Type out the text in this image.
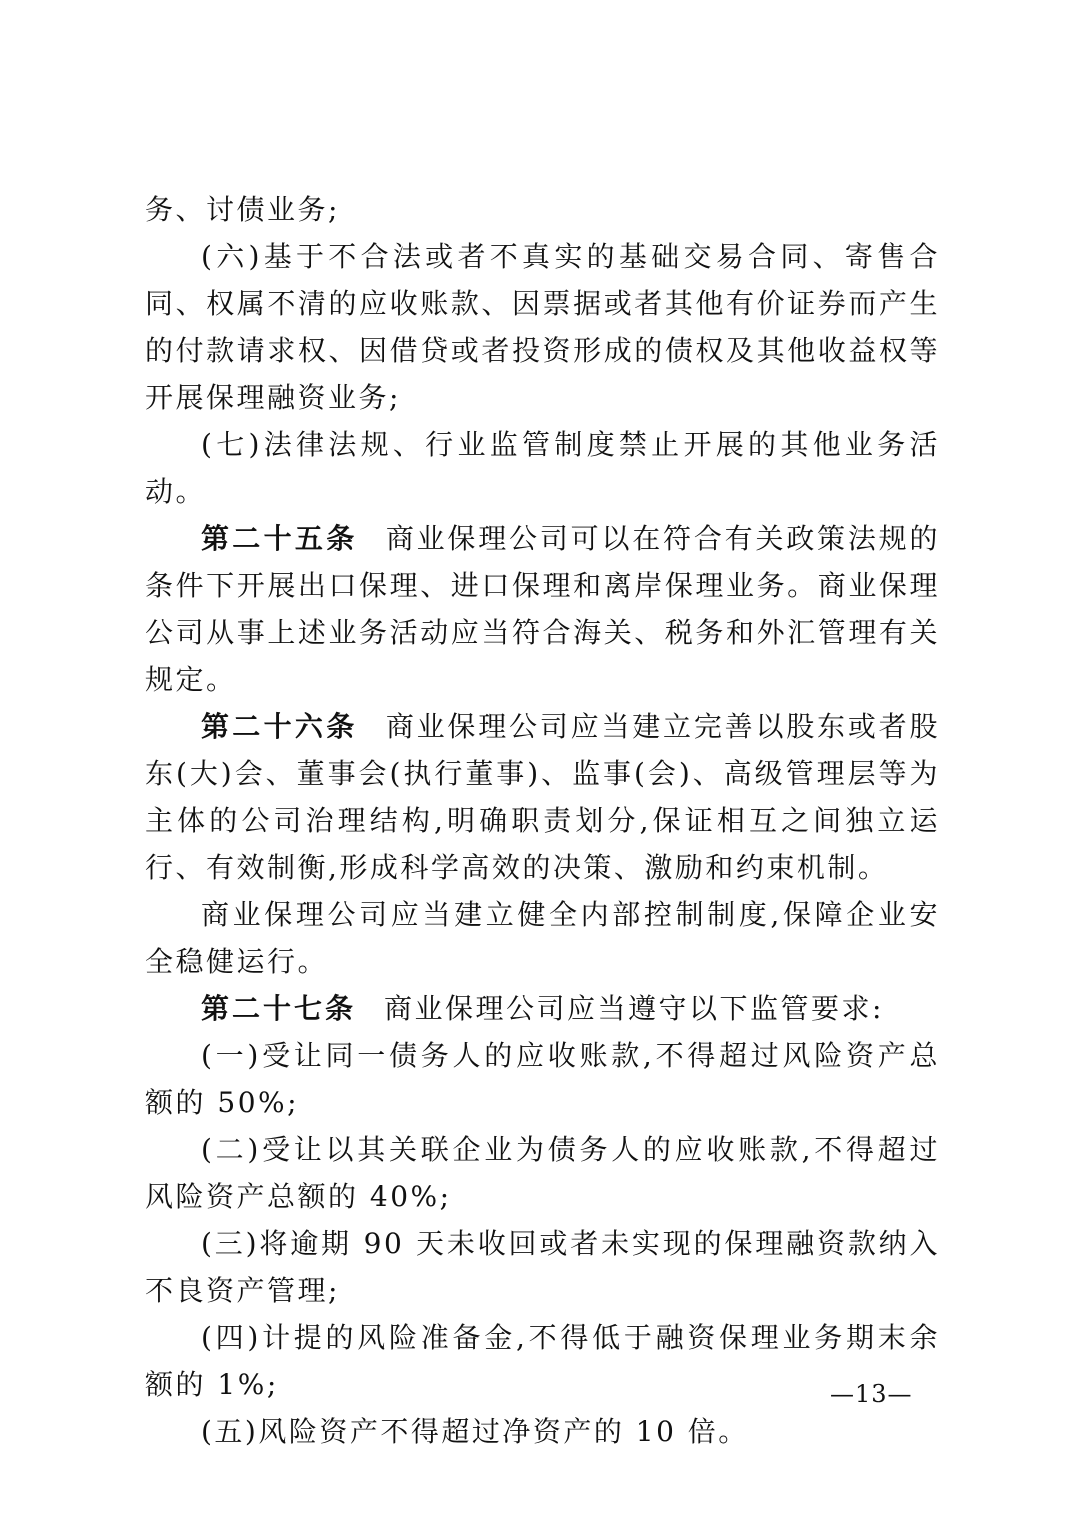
务、讨债业务;

(六)基于不合法或者不真实的基础交易合同、寄售合同、权属不清的应收账款、因票据或者其他有价证券而产生的付款请求权、因借贷或者投资形成的债权及其他收益权等开展保理融资业务;

(七)法律法规、行业监管制度禁止开展的其他业务活动。

第二十五条 商业保理公司可以在符合有关政策法规的条件下开展出口保理、进口保理和离岸保理业务。商业保理公司从事上述业务活动应当符合海关、税务和外汇管理有关规定。

第二十六条 商业保理公司应当建立完善以股东或者股东(大)会、董事会(执行董事)、监事(会)、高级管理层等为主体的公司治理结构,明确职责划分,保证相互之间独立运行、有效制衡,形成科学高效的决策、激励和约束机制。

商业保理公司应当建立健全内部控制制度,保障企业安全稳健运行。

第二十七条 商业保理公司应当遵守以下监管要求:

(一)受让同一债务人的应收账款,不得超过风险资产总额的 50%;

(二)受让以其关联企业为债务人的应收账款,不得超过风险资产总额的 40%;

(三)将逾期 90 天未收回或者未实现的保理融资款纳入不良资产管理;

(四)计提的风险准备金,不得低于融资保理业务期末余额的 1%;

(五)风险资产不得超过净资产的 10 倍。

—13—
